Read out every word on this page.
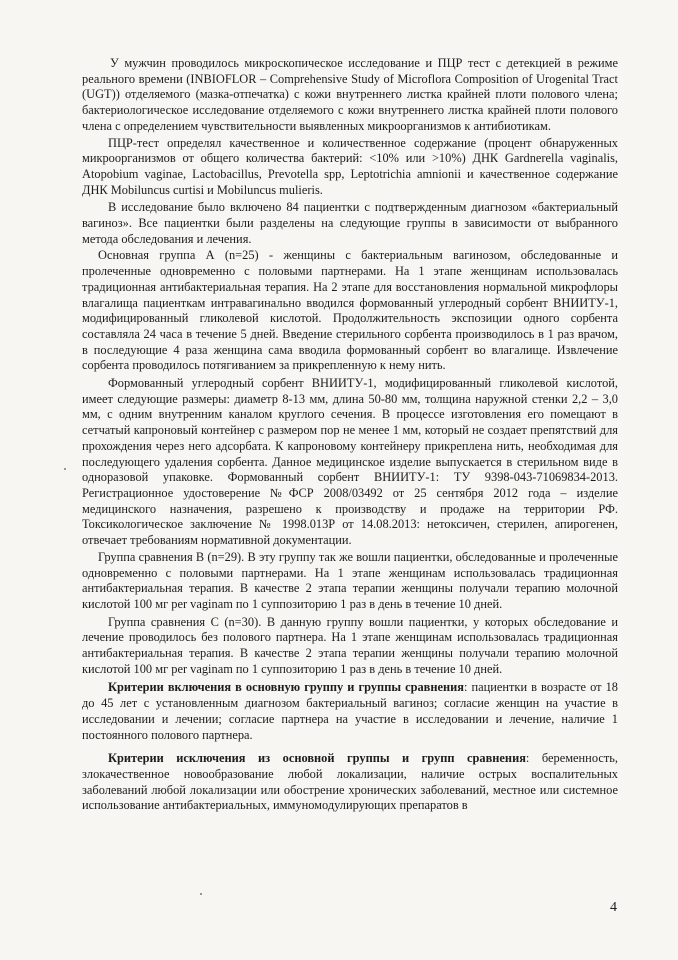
У мужчин проводилось микроскопическое исследование и ПЦР тест с детекцией в режиме реального времени (INBIOFLOR – Comprehensive Study of Microflora Composition of Urogenital Tract (UGT)) отделяемого (мазка-отпечатка) с кожи внутреннего листка крайней плоти полового члена; бактериологическое исследование отделяемого с кожи внутреннего листка крайней плоти полового члена с определением чувствительности выявленных микроорганизмов к антибиотикам.

ПЦР-тест определял качественное и количественное содержание (процент обнаруженных микроорганизмов от общего количества бактерий: <10% или >10%) ДНК Gardnerella vaginalis, Atopobium vaginae, Lactobacillus, Prevotella spp, Leptotrichia amnionii и качественное содержание ДНК Mobiluncus curtisi и Mobiluncus mulieris.

В исследование было включено 84 пациентки с подтвержденным диагнозом «бактериальный вагиноз». Все пациентки были разделены на следующие группы в зависимости от выбранного метода обследования и лечения.

Основная группа А (n=25) - женщины с бактериальным вагинозом, обследованные и пролеченные одновременно с половыми партнерами. На 1 этапе женщинам использовалась традиционная антибактериальная терапия. На 2 этапе для восстановления нормальной микрофлоры влагалища пациенткам интравагинально вводился формованный углеродный сорбент ВНИИТУ-1, модифицированный гликолевой кислотой. Продолжительность экспозиции одного сорбента составляла 24 часа в течение 5 дней. Введение стерильного сорбента производилось в 1 раз врачом, в последующие 4 раза женщина сама вводила формованный сорбент во влагалище. Извлечение сорбента проводилось потягиванием за прикрепленную к нему нить.

Формованный углеродный сорбент ВНИИТУ-1, модифицированный гликолевой кислотой, имеет следующие размеры: диаметр 8-13 мм, длина 50-80 мм, толщина наружной стенки 2,2 – 3,0 мм, с одним внутренним каналом круглого сечения. В процессе изготовления его помещают в сетчатый капроновый контейнер с размером пор не менее 1 мм, который не создает препятствий для прохождения через него адсорбата. К капроновому контейнеру прикреплена нить, необходимая для последующего удаления сорбента. Данное медицинское изделие выпускается в стерильном виде в одноразовой упаковке. Формованный сорбент ВНИИТУ-1: ТУ 9398-043-71069834-2013. Регистрационное удостоверение №ФСР 2008/03492 от 25 сентября 2012 года – изделие медицинского назначения, разрешено к производству и продаже на территории РФ. Токсикологическое заключение № 1998.013Р от 14.08.2013: нетоксичен, стерилен, апирогенен, отвечает требованиям нормативной документации.

Группа сравнения В (n=29). В эту группу так же вошли пациентки, обследованные и пролеченные одновременно с половыми партнерами. На 1 этапе женщинам использовалась традиционная антибактериальная терапия. В качестве 2 этапа терапии женщины получали терапию молочной кислотой 100 мг per vaginam по 1 суппозиторию 1 раз в день в течение 10 дней.

Группа сравнения С (n=30). В данную группу вошли пациентки, у которых обследование и лечение проводилось без полового партнера. На 1 этапе женщинам использовалась традиционная антибактериальная терапия. В качестве 2 этапа терапии женщины получали терапию молочной кислотой 100 мг per vaginam по 1 суппозиторию 1 раз в день в течение 10 дней.

Критерии включения в основную группу и группы сравнения: пациентки в возрасте от 18 до 45 лет с установленным диагнозом бактериальный вагиноз; согласие женщин на участие в исследовании и лечении; согласие партнера на участие в исследовании и лечение, наличие 1 постоянного полового партнера.

Критерии исключения из основной группы и групп сравнения: беременность, злокачественное новообразование любой локализации, наличие острых воспалительных заболеваний любой локализации или обострение хронических заболеваний, местное или системное использование антибактериальных, иммуномодулирующих препаратов в

4
